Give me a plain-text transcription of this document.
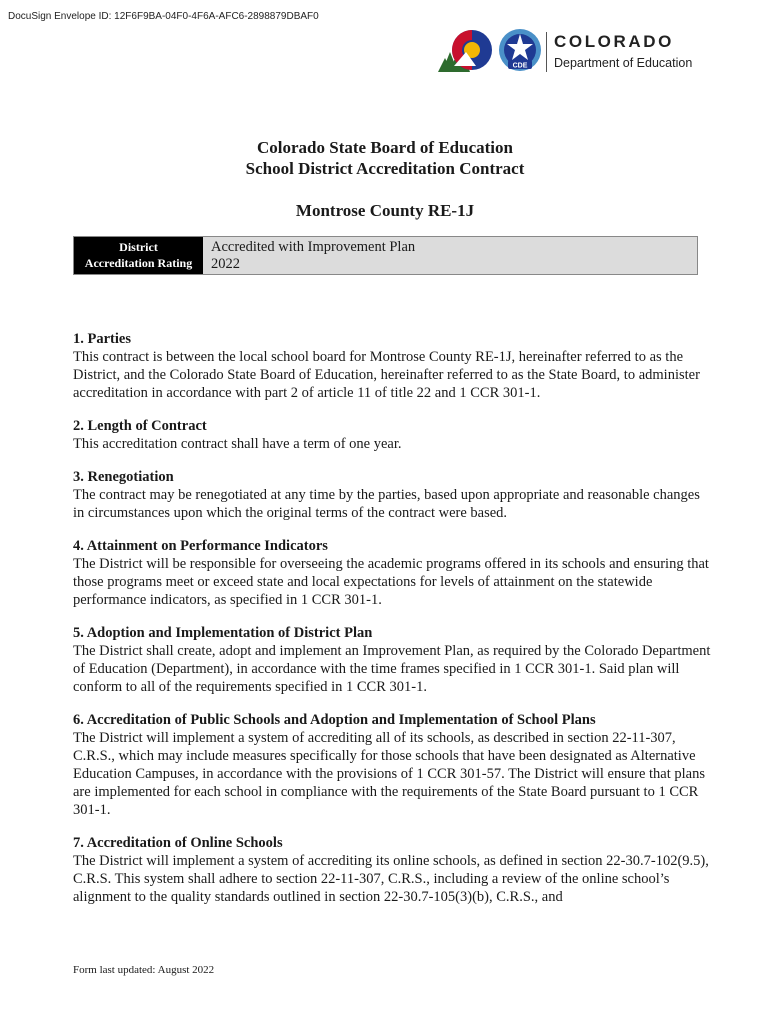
DocuSign Envelope ID: 12F6F9BA-04F0-4F6A-AFC6-2898879DBAF0
CDE
COLORADO
Department of Education
Colorado State Board of Education
School District Accreditation Contract
Montrose County RE-1J
District
Accreditation Rating
Accredited with Improvement Plan
2022
1. Parties

This contract is between the local school board for Montrose County RE-1J, hereinafter referred to as the District, and the Colorado State Board of Education, hereinafter referred to as the State Board, to administer accreditation in accordance with part 2 of article 11 of title 22 and 1 CCR 301-1.

2. Length of Contract

This accreditation contract shall have a term of one year.

3. Renegotiation

The contract may be renegotiated at any time by the parties, based upon appropriate and reasonable changes in circumstances upon which the original terms of the contract were based.

4. Attainment on Performance Indicators

The District will be responsible for overseeing the academic programs offered in its schools and ensuring that those programs meet or exceed state and local expectations for levels of attainment on the statewide performance indicators, as specified in 1 CCR 301-1.

5. Adoption and Implementation of District Plan

The District shall create, adopt and implement an Improvement Plan, as required by the Colorado Department of Education (Department), in accordance with the time frames specified in 1 CCR 301-1. Said plan will conform to all of the requirements specified in 1 CCR 301-1.

6. Accreditation of Public Schools and Adoption and Implementation of School Plans

The District will implement a system of accrediting all of its schools, as described in section 22-11-307, C.R.S., which may include measures specifically for those schools that have been designated as Alternative Education Campuses, in accordance with the provisions of 1 CCR 301-57. The District will ensure that plans are implemented for each school in compliance with the requirements of the State Board pursuant to 1 CCR 301-1.

7. Accreditation of Online Schools

The District will implement a system of accrediting its online schools, as defined in section 22-30.7-102(9.5), C.R.S. This system shall adhere to section 22-11-307, C.R.S., including a review of the online school’s alignment to the quality standards outlined in section 22-30.7-105(3)(b), C.R.S., and

Form last updated: August 2022
